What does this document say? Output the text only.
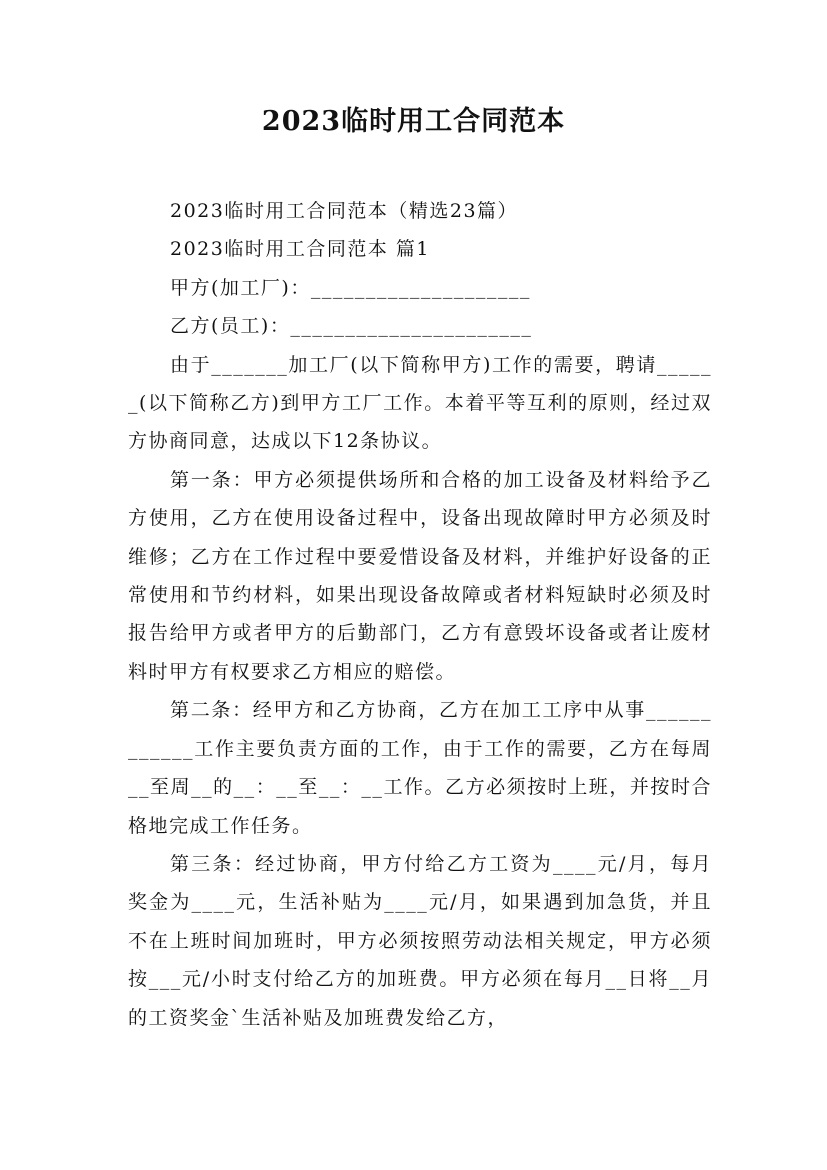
2023临时用工合同范本

2023临时用工合同范本（精选23篇）

2023临时用工合同范本 篇1

甲方(加工厂)：____________________

乙方(员工)：______________________

由于_______加工厂(以下简称甲方)工作的需要，聘请______(以下简称乙方)到甲方工厂工作。本着平等互利的原则，经过双方协商同意，达成以下12条协议。

第一条：甲方必须提供场所和合格的加工设备及材料给予乙方使用，乙方在使用设备过程中，设备出现故障时甲方必须及时维修；乙方在工作过程中要爱惜设备及材料，并维护好设备的正常使用和节约材料，如果出现设备故障或者材料短缺时必须及时报告给甲方或者甲方的后勤部门，乙方有意毁坏设备或者让废材料时甲方有权要求乙方相应的赔偿。

第二条：经甲方和乙方协商，乙方在加工工序中从事____________工作主要负责方面的工作，由于工作的需要，乙方在每周__至周__的__：__至__：__工作。乙方必须按时上班，并按时合格地完成工作任务。

第三条：经过协商，甲方付给乙方工资为____元/月，每月奖金为____元，生活补贴为____元/月，如果遇到加急货，并且不在上班时间加班时，甲方必须按照劳动法相关规定，甲方必须按___元/小时支付给乙方的加班费。甲方必须在每月__日将__月的工资奖金`生活补贴及加班费发给乙方，
